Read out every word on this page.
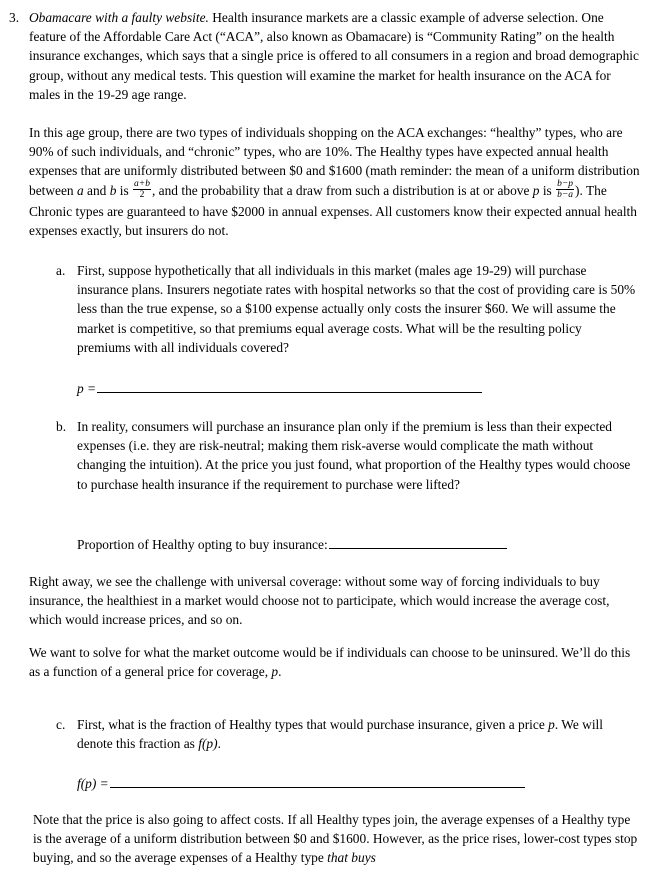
3. Obamacare with a faulty website. Health insurance markets are a classic example of adverse selection. One feature of the Affordable Care Act (“ACA”, also known as Obamacare) is “Community Rating” on the health insurance exchanges, which says that a single price is offered to all consumers in a region and broad demographic group, without any medical tests. This question will examine the market for health insurance on the ACA for males in the 19-29 age range.

In this age group, there are two types of individuals shopping on the ACA exchanges: “healthy” types, who are 90% of such individuals, and “chronic” types, who are 10%. The Healthy types have expected annual health expenses that are uniformly distributed between $0 and $1600 (math reminder: the mean of a uniform distribution between a and b is $\frac{a+b}{2}$ , and the probability that a draw from such a distribution is at or above p is $\frac{b-p}{b-a}$ ). The Chronic types are guaranteed to have $2000 in annual expenses. All customers know their expected annual health expenses exactly, but insurers do not.

a. First, suppose hypothetically that all individuals in this market (males age 19-29) will purchase insurance plans. Insurers negotiate rates with hospital networks so that the cost of providing care is 50% less than the true expense, so a $100 expense actually only costs the insurer $60. We will assume the market is competitive, so that premiums equal average costs. What will be the resulting policy premiums with all individuals covered?

p =
b. In reality, consumers will purchase an insurance plan only if the premium is less than their expected expenses (i.e. they are risk-neutral; making them risk-averse would complicate the math without changing the intuition). At the price you just found, what proportion of the Healthy types would choose to purchase health insurance if the requirement to purchase were lifted?

Proportion of Healthy opting to buy insurance:

Right away, we see the challenge with universal coverage: without some way of forcing individuals to buy insurance, the healthiest in a market would choose not to participate, which would increase the average cost, which would increase prices, and so on.

We want to solve for what the market outcome would be if individuals can choose to be uninsured. We’ll do this as a function of a general price for coverage, p.

c. First, what is the fraction of Healthy types that would purchase insurance, given a price p. We will denote this fraction as f(p).

f(p) =

Note that the price is also going to affect costs. If all Healthy types join, the average expenses of a Healthy type is the average of a uniform distribution between $0 and $1600. However, as the price rises, lower-cost types stop buying, and so the average expenses of a Healthy type that buys
